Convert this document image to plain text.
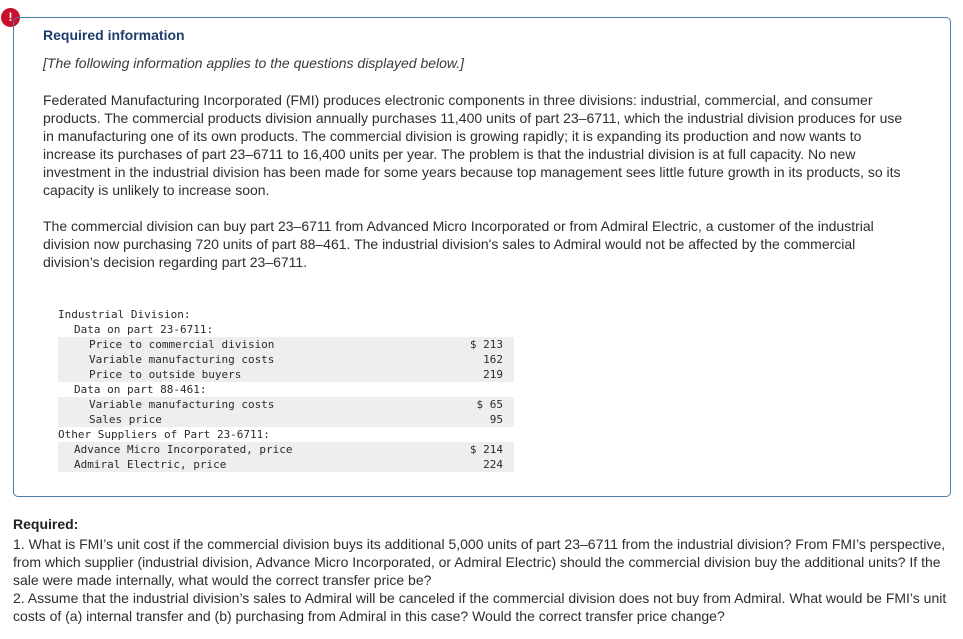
!
Required information
[The following information applies to the questions displayed below.]
Federated Manufacturing Incorporated (FMI) produces electronic components in three divisions: industrial, commercial, and consumer products. The commercial products division annually purchases 11,400 units of part 23–6711, which the industrial division produces for use in manufacturing one of its own products. The commercial division is growing rapidly; it is expanding its production and now wants to increase its purchases of part 23–6711 to 16,400 units per year. The problem is that the industrial division is at full capacity. No new investment in the industrial division has been made for some years because top management sees little future growth in its products, so its capacity is unlikely to increase soon.
The commercial division can buy part 23–6711 from Advanced Micro Incorporated or from Admiral Electric, a customer of the industrial division now purchasing 720 units of part 88–461. The industrial division's sales to Admiral would not be affected by the commercial division’s decision regarding part 23–6711.
Industrial Division:	
Data on part 23-6711:	
Price to commercial division	$ 213
Variable manufacturing costs	162
Price to outside buyers	219
Data on part 88-461:	
Variable manufacturing costs	$ 65
Sales price	95
Other Suppliers of Part 23-6711:	
Advance Micro Incorporated, price	$ 214
Admiral Electric, price	224
Required:

1. What is FMI’s unit cost if the commercial division buys its additional 5,000 units of part 23–6711 from the industrial division? From FMI’s perspective, from which supplier (industrial division, Advance Micro Incorporated, or Admiral Electric) should the commercial division buy the additional units? If the sale were made internally, what would the correct transfer price be?

2. Assume that the industrial division’s sales to Admiral will be canceled if the commercial division does not buy from Admiral. What would be FMI’s unit costs of (a) internal transfer and (b) purchasing from Admiral in this case? Would the correct transfer price change?
